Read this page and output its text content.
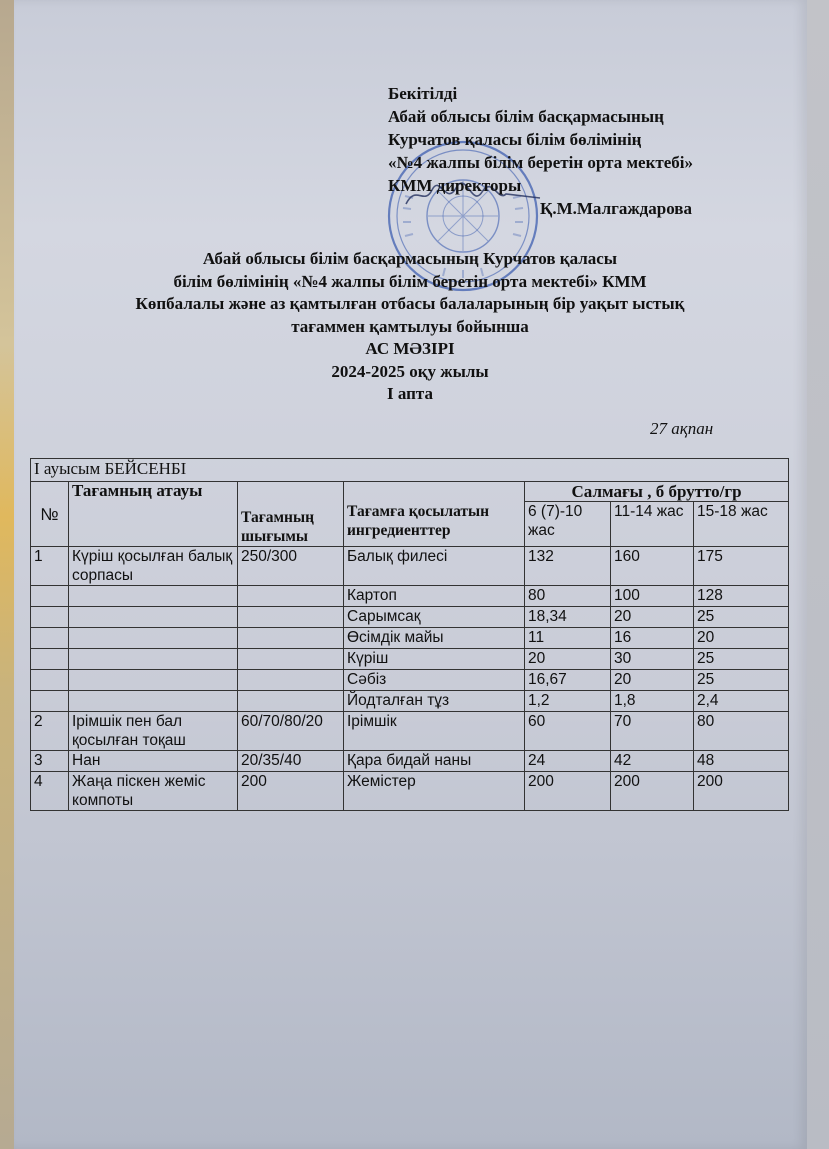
Бекітілді
Абай облысы білім басқармасының
Курчатов қаласы білім бөлімінің
«№4 жалпы білім беретін орта мектебі»
КММ директоры
Қ.М.Малгаждарова
Абай облысы білім басқармасының Курчатов қаласы
білім бөлімінің «№4 жалпы білім беретін орта мектебі» КММ
Көпбалалы және аз қамтылған отбасы балаларының бір уақыт ыстық
тағаммен қамтылуы бойынша
АС МӘЗІРІ
2024-2025 оқу жылы
І апта
27 ақпан
І ауысым БЕЙСЕНБІ						
№	Тағамның атауы	Тағамның шығымы	Тағамға қосылатын ингредиенттер	Салмағы , б брутто/гр		
				6 (7)-10 жас	11-14 жас	15-18 жас
1	Күріш қосылған балық сорпасы	250/300	Балық филесі	132	160	175
			Картоп	80	100	128
			Сарымсақ	18,34	20	25
			Өсімдік майы	11	16	20
			Күріш	20	30	25
			Сәбіз	16,67	20	25
			Йодталған тұз	1,2	1,8	2,4
2	Ірімшік пен бал қосылған тоқаш	60/70/80/20	Ірімшік	60	70	80
3	Нан	20/35/40	Қара бидай наны	24	42	48
4	Жаңа піскен жеміс компоты	200	Жемістер	200	200	200
